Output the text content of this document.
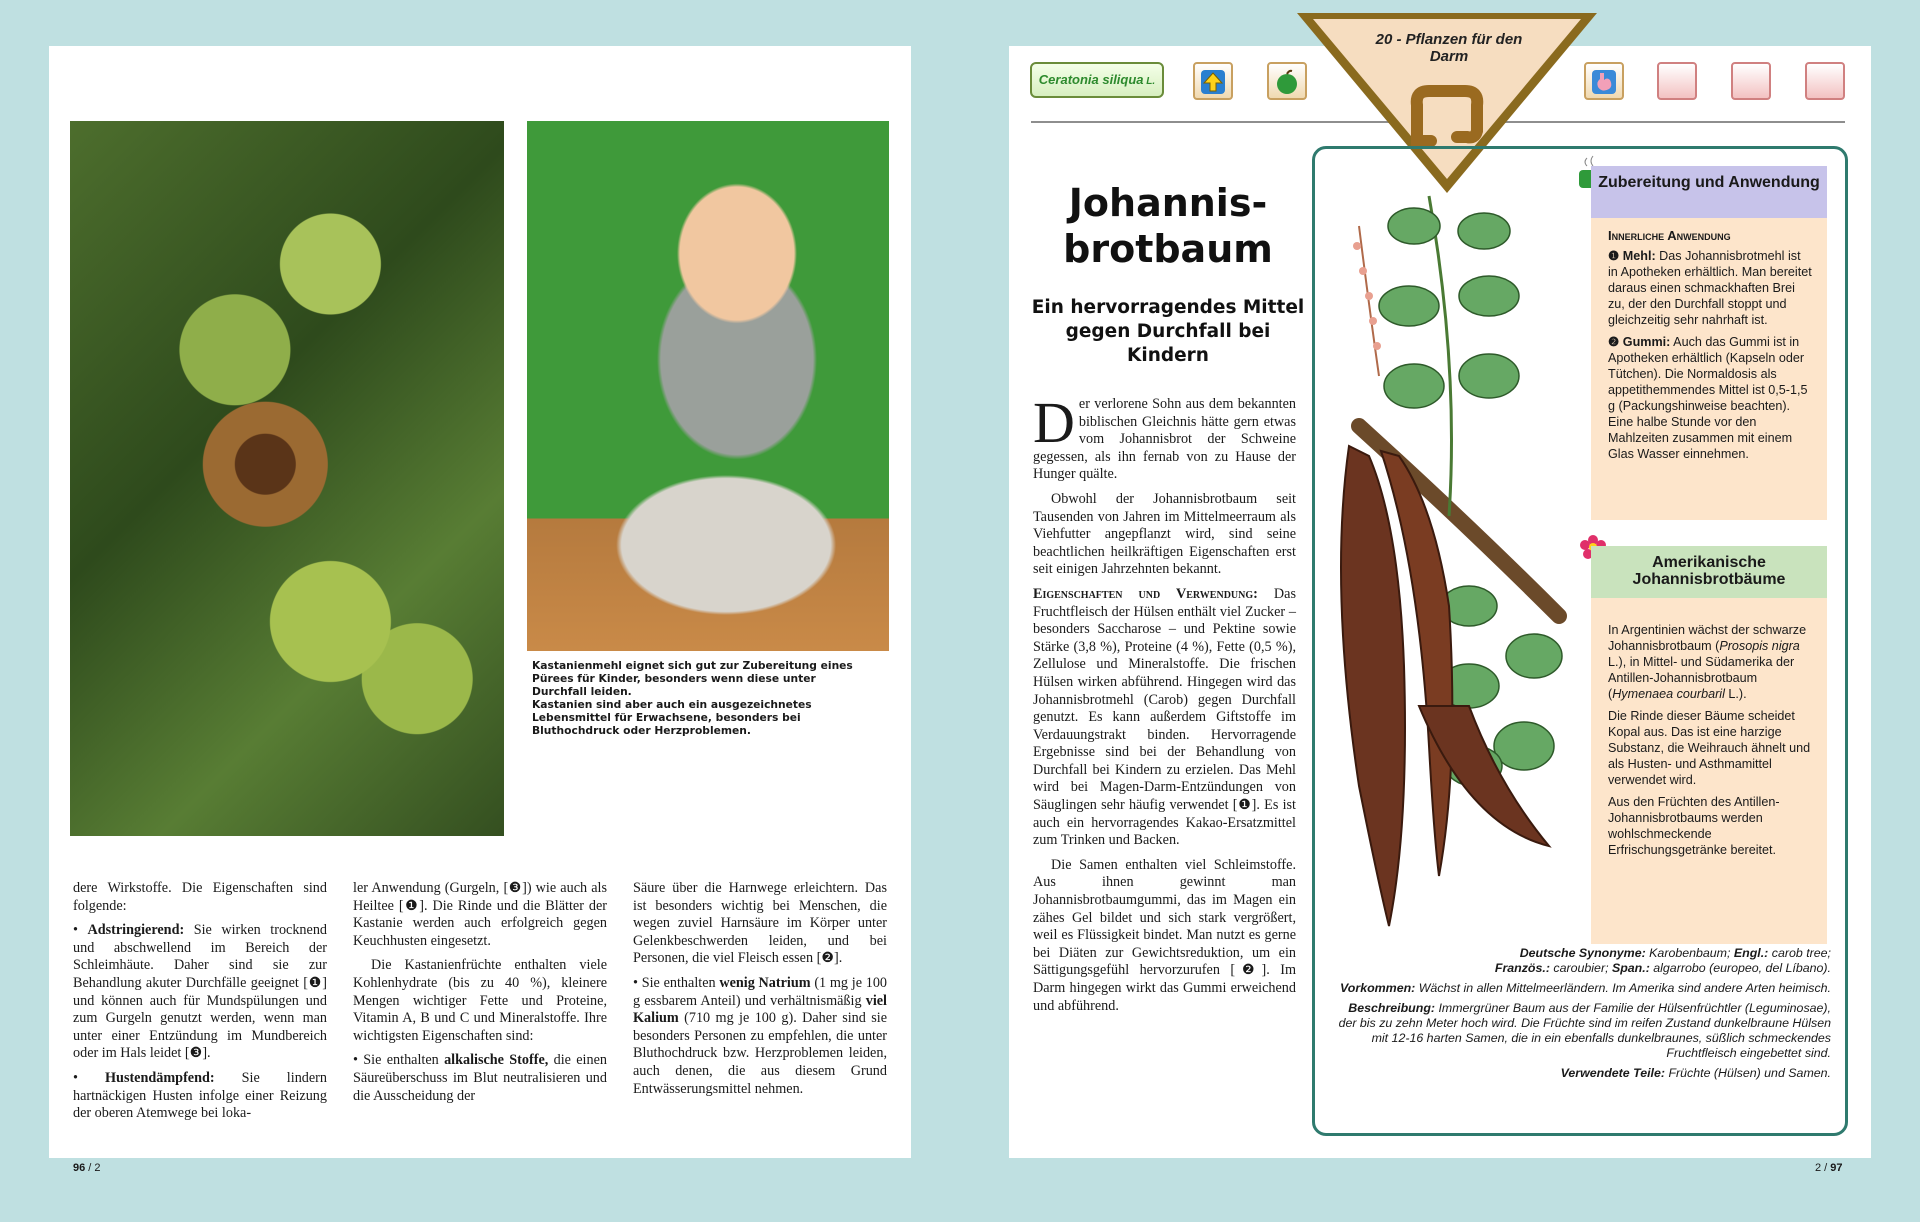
Kastanienmehl eignet sich gut zur Zubereitung eines Pürees für Kinder, besonders wenn diese unter Durchfall leiden.

Kastanien sind aber auch ein ausgezeichnetes Lebensmittel für Erwachsene, besonders bei Bluthochdruck oder Herzproblemen.

dere Wirkstoffe. Die Eigenschaften sind folgende:

• Adstringierend: Sie wirken trocknend und abschwellend im Bereich der Schleimhäute. Daher sind sie zur Behandlung akuter Durchfälle geeignet [❶] und können auch für Mundspülungen und zum Gurgeln genutzt werden, wenn man unter einer Entzündung im Mundbereich oder im Hals leidet [❸].

• Hustendämpfend: Sie lindern hartnäckigen Husten infolge einer Reizung der oberen Atemwege bei loka-

ler Anwendung (Gurgeln, [❸]) wie auch als Heiltee [❶]. Die Rinde und die Blätter der Kastanie werden auch erfolgreich gegen Keuchhusten eingesetzt.

Die Kastanienfrüchte enthalten viele Kohlenhydrate (bis zu 40 %), kleinere Mengen wichtiger Fette und Proteine, Vitamin A, B und C und Mineralstoffe. Ihre wichtigsten Eigenschaften sind:

• Sie enthalten alkalische Stoffe, die einen Säureüberschuss im Blut neutralisieren und die Ausscheidung der

Säure über die Harnwege erleichtern. Das ist besonders wichtig bei Menschen, die wegen zuviel Harnsäure im Körper unter Gelenkbeschwerden leiden, und bei Personen, die viel Fleisch essen [❷].

• Sie enthalten wenig Natrium (1 mg je 100 g essbarem Anteil) und verhältnismäßig viel Kalium (710 mg je 100 g). Daher sind sie besonders Personen zu empfehlen, die unter Bluthochdruck bzw. Herzproblemen leiden, auch denen, die aus diesem Grund Entwässerungsmittel nehmen.

96 / 2
Ceratonia siliqua L.
20 - Pflanzen für den Darm
Johannis-brotbaum
Ein hervorragendes Mittel gegen Durchfall bei Kindern

Der verlorene Sohn aus dem bekannten biblischen Gleichnis hätte gern etwas vom Johannisbrot der Schweine gegessen, als ihn fernab von zu Hause der Hunger quälte.

Obwohl der Johannisbrotbaum seit Tausenden von Jahren im Mittelmeerraum als Viehfutter angepflanzt wird, sind seine beachtlichen heilkräftigen Eigenschaften erst seit einigen Jahrzehnten bekannt.

Eigenschaften und Verwendung: Das Fruchtfleisch der Hülsen enthält viel Zucker – besonders Saccharose – und Pektine sowie Stärke (3,8 %), Proteine (4 %), Fette (0,5 %), Zellulose und Mineralstoffe. Die frischen Hülsen wirken abführend. Hingegen wird das Johannisbrotmehl (Carob) gegen Durchfall genutzt. Es kann außerdem Giftstoffe im Verdauungstrakt binden. Hervorragende Ergebnisse sind bei der Behandlung von Durchfall bei Kindern zu erzielen. Das Mehl wird bei Magen-Darm-Entzündungen von Säuglingen sehr häufig verwendet [❶]. Es ist auch ein hervorragendes Kakao-Ersatzmittel zum Trinken und Backen.

Die Samen enthalten viel Schleimstoffe. Aus ihnen gewinnt man Johannisbrotbaumgummi, das im Magen ein zähes Gel bildet und sich stark vergrößert, weil es Flüssigkeit bindet. Man nutzt es gerne bei Diäten zur Gewichtsreduktion, um ein Sättigungsgefühl hervorzurufen [❷]. Im Darm hingegen wirkt das Gummi erweichend und abführend.

Zubereitung und Anwendung

Innerliche Anwendung

❶ Mehl: Das Johannisbrotmehl ist in Apotheken erhältlich. Man bereitet daraus einen schmackhaften Brei zu, der den Durchfall stoppt und gleichzeitig sehr nahrhaft ist.

❷ Gummi: Auch das Gummi ist in Apotheken erhältlich (Kapseln oder Tütchen). Die Normaldosis als appetithemmendes Mittel ist 0,5-1,5 g (Packungshinweise beachten). Eine halbe Stunde vor den Mahlzeiten zusammen mit einem Glas Wasser einnehmen.

Amerikanische Johannisbrotbäume

In Argentinien wächst der schwarze Johannisbrotbaum (Prosopis nigra L.), in Mittel- und Südamerika der Antillen-Johannisbrotbaum (Hymenaea courbaril L.).

Die Rinde dieser Bäume scheidet Kopal aus. Das ist eine harzige Substanz, die Weihrauch ähnelt und als Husten- und Asthmamittel verwendet wird.

Aus den Früchten des Antillen-Johannisbrotbaums werden wohlschmeckende Erfrischungsgetränke bereitet.

Deutsche Synonyme: Karobenbaum; Engl.: carob tree;
Französ.: caroubier; Span.: algarrobo (europeo, del Líbano).

Vorkommen: Wächst in allen Mittelmeerländern. Im Amerika sind andere Arten heimisch.

Beschreibung: Immergrüner Baum aus der Familie der Hülsenfrüchtler (Leguminosae), der bis zu zehn Meter hoch wird. Die Früchte sind im reifen Zustand dunkelbraune Hülsen mit 12-16 harten Samen, die in ein ebenfalls dunkelbraunes, süßlich schmeckendes Fruchtfleisch eingebettet sind.

Verwendete Teile: Früchte (Hülsen) und Samen.

2 / 97
